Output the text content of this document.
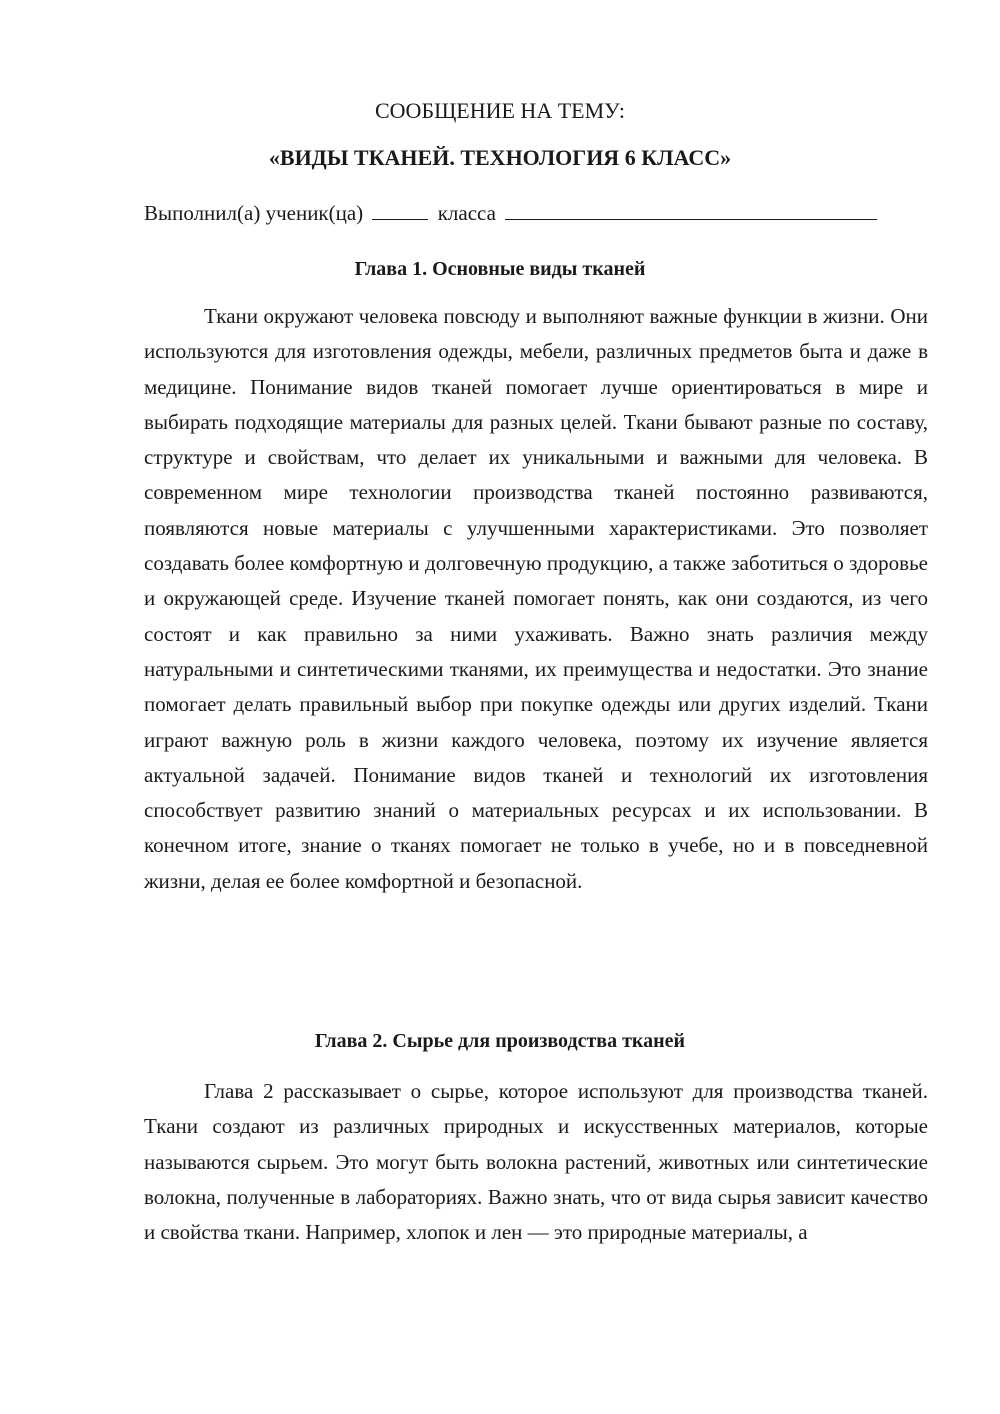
СООБЩЕНИЕ НА ТЕМУ:
«ВИДЫ ТКАНЕЙ. ТЕХНОЛОГИЯ 6 КЛАСС»
Выполнил(а) ученик(ца)	класса
Глава 1. Основные виды тканей

Ткани окружают человека повсюду и выполняют важные функции в жизни. Они используются для изготовления одежды, мебели, различных предметов быта и даже в медицине. Понимание видов тканей помогает лучше ориентироваться в мире и выбирать подходящие материалы для разных целей. Ткани бывают разные по составу, структуре и свойствам, что делает их уникальными и важными для человека. В современном мире технологии производства тканей постоянно развиваются, появляются новые материалы с улучшенными характеристиками. Это позволяет создавать более комфортную и долговечную продукцию, а также заботиться о здоровье и окружающей среде. Изучение тканей помогает понять, как они создаются, из чего состоят и как правильно за ними ухаживать. Важно знать различия между натуральными и синтетическими тканями, их преимущества и недостатки. Это знание помогает делать правильный выбор при покупке одежды или других изделий. Ткани играют важную роль в жизни каждого человека, поэтому их изучение является актуальной задачей. Понимание видов тканей и технологий их изготовления способствует развитию знаний о материальных ресурсах и их использовании. В конечном итоге, знание о тканях помогает не только в учебе, но и в повседневной жизни, делая ее более комфортной и безопасной.

Глава 2. Сырье для производства тканей

Глава 2 рассказывает о сырье, которое используют для производства тканей. Ткани создают из различных природных и искусственных материалов, которые называются сырьем. Это могут быть волокна растений, животных или синтетические волокна, полученные в лабораториях. Важно знать, что от вида сырья зависит качество и свойства ткани. Например, хлопок и лен — это природные материалы, а
